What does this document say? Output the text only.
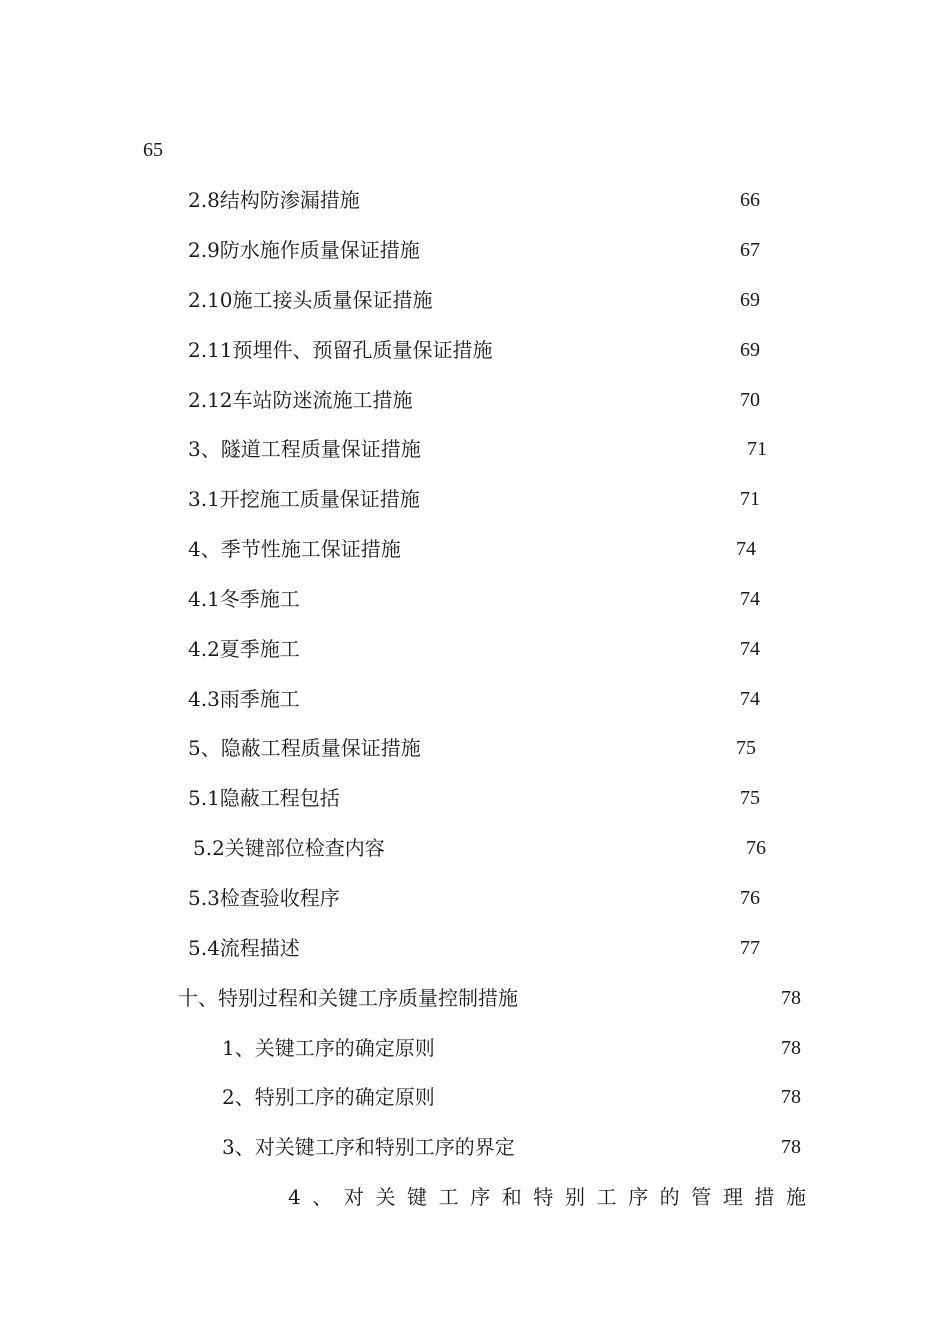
65
2.8结构防渗漏措施	66
2.9防水施作质量保证措施	67
2.10施工接头质量保证措施	69
2.11预埋件、预留孔质量保证措施	69
2.12车站防迷流施工措施	70
3、隧道工程质量保证措施	71
3.1开挖施工质量保证措施	71
4、季节性施工保证措施	74
4.1冬季施工	74
4.2夏季施工	74
4.3雨季施工	74
5、隐蔽工程质量保证措施	75
5.1隐蔽工程包括	75
5.2关键部位检查内容	76
5.3检查验收程序	76
5.4流程描述	77
十、特别过程和关键工序质量控制措施	78
1、关键工序的确定原则	78
2、特别工序的确定原则	78
3、对关键工序和特别工序的界定	78
4 、 对 关 键 工 序 和 特 别 工 序 的 管 理 措 施
